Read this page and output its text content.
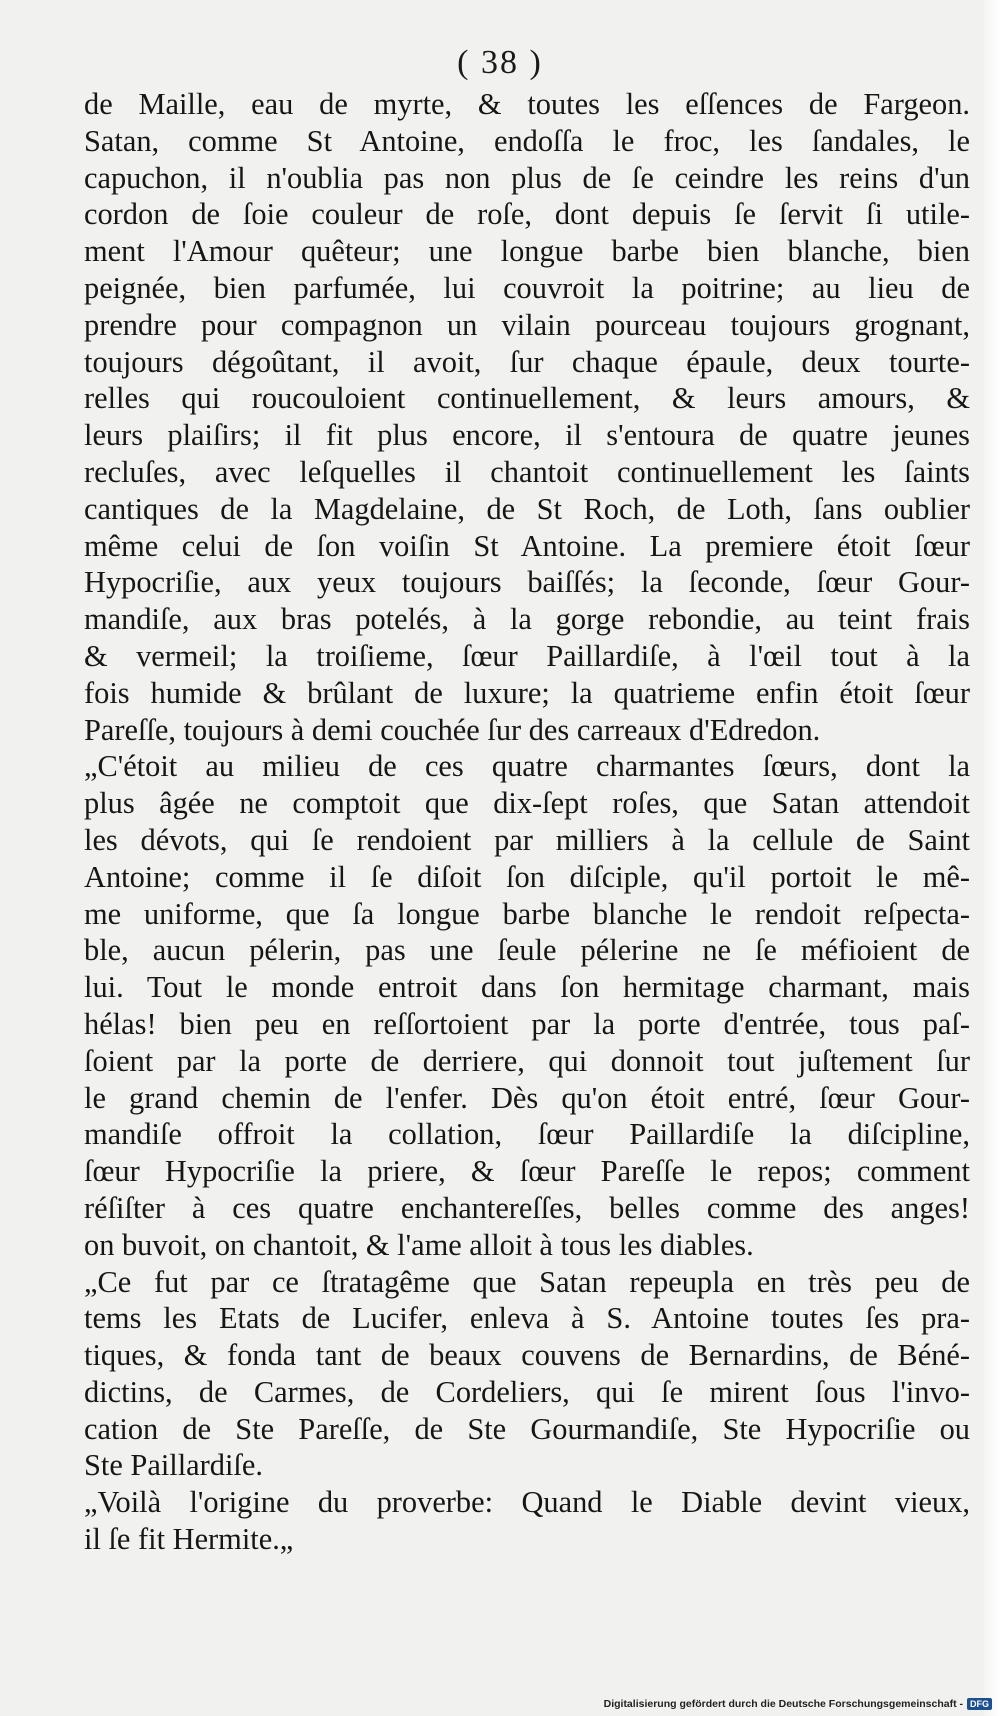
( 38 )
de Maille, eau de myrte, & toutes les eſſences de Fargeon.
Satan, comme St Antoine, endoſſa le froc, les ſandales, le
capuchon, il n'oublia pas non plus de ſe ceindre les reins d'un
cordon de ſoie couleur de roſe, dont depuis ſe ſervit ſi utile-
ment l'Amour quêteur; une longue barbe bien blanche, bien
peignée, bien parfumée, lui couvroit la poitrine; au lieu de
prendre pour compagnon un vilain pourceau toujours grognant,
toujours dégoûtant, il avoit, ſur chaque épaule, deux tourte-
relles qui roucouloient continuellement, & leurs amours, &
leurs plaiſirs; il fit plus encore, il s'entoura de quatre jeunes
recluſes, avec leſquelles il chantoit continuellement les ſaints
cantiques de la Magdelaine, de St Roch, de Loth, ſans oublier
même celui de ſon voiſin St Antoine. La premiere étoit ſœur
Hypocriſie, aux yeux toujours baiſſés; la ſeconde, ſœur Gour-
mandiſe, aux bras potelés, à la gorge rebondie, au teint frais
& vermeil; la troiſieme, ſœur Paillardiſe, à l'œil tout à la
fois humide & brûlant de luxure; la quatrieme enfin étoit ſœur
Pareſſe, toujours à demi couchée ſur des carreaux d'Edredon.
„C'étoit au milieu de ces quatre charmantes ſœurs, dont la
plus âgée ne comptoit que dix-ſept roſes, que Satan attendoit
les dévots, qui ſe rendoient par milliers à la cellule de Saint
Antoine; comme il ſe diſoit ſon diſciple, qu'il portoit le mê-
me uniforme, que ſa longue barbe blanche le rendoit reſpecta-
ble, aucun pélerin, pas une ſeule pélerine ne ſe méfioient de
lui. Tout le monde entroit dans ſon hermitage charmant, mais
hélas! bien peu en reſſortoient par la porte d'entrée, tous paſ-
ſoient par la porte de derriere, qui donnoit tout juſtement ſur
le grand chemin de l'enfer. Dès qu'on étoit entré, ſœur Gour-
mandiſe offroit la collation, ſœur Paillardiſe la diſcipline,
ſœur Hypocriſie la priere, & ſœur Pareſſe le repos; comment
réſiſter à ces quatre enchantereſſes, belles comme des anges!
on buvoit, on chantoit, & l'ame alloit à tous les diables.
„Ce fut par ce ſtratagême que Satan repeupla en très peu de
tems les Etats de Lucifer, enleva à S. Antoine toutes ſes pra-
tiques, & fonda tant de beaux couvens de Bernardins, de Béné-
dictins, de Carmes, de Cordeliers, qui ſe mirent ſous l'invo-
cation de Ste Pareſſe, de Ste Gourmandiſe, Ste Hypocriſie ou
Ste Paillardiſe.
„Voilà l'origine du proverbe: Quand le Diable devint vieux,
il ſe fit Hermite.„
Digitalisierung gefördert durch die Deutsche Forschungsgemeinschaft - DFG
